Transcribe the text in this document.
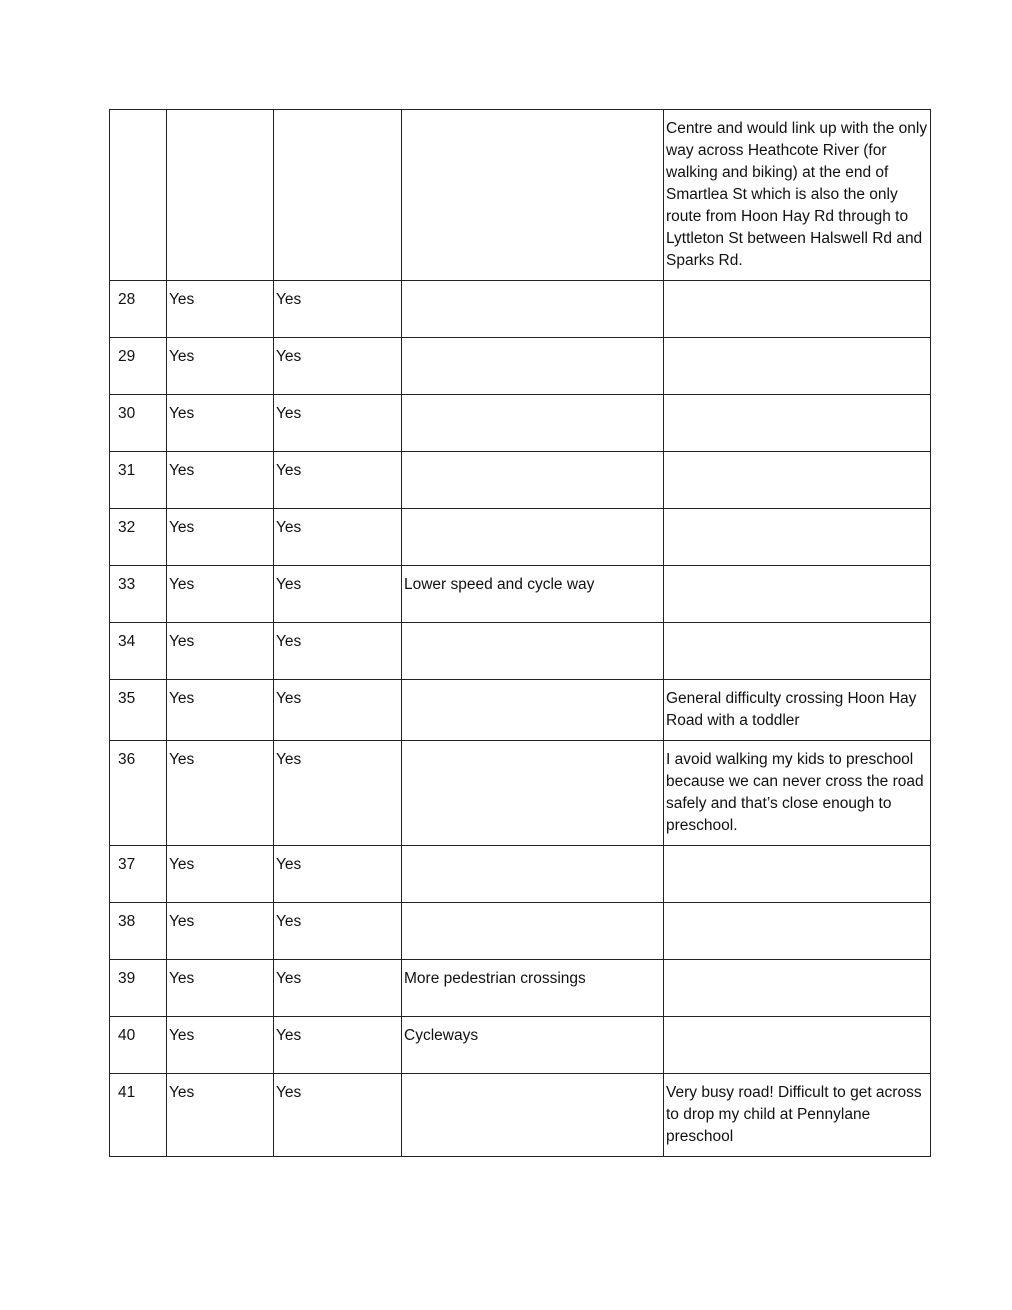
				Centre and would link up with the only way across Heathcote River (for walking and biking) at the end of Smartlea St which is also the only route from Hoon Hay Rd through to Lyttleton St between Halswell Rd and Sparks Rd.
28	Yes	Yes		
29	Yes	Yes		
30	Yes	Yes		
31	Yes	Yes		
32	Yes	Yes		
33	Yes	Yes	Lower speed and cycle way	
34	Yes	Yes		
35	Yes	Yes		General difficulty crossing Hoon Hay Road with a toddler
36	Yes	Yes		I avoid walking my kids to preschool because we can never cross the road safely and that’s close enough to preschool.
37	Yes	Yes		
38	Yes	Yes		
39	Yes	Yes	More pedestrian crossings	
40	Yes	Yes	Cycleways	
41	Yes	Yes		Very busy road! Difficult to get across to drop my child at Pennylane preschool
